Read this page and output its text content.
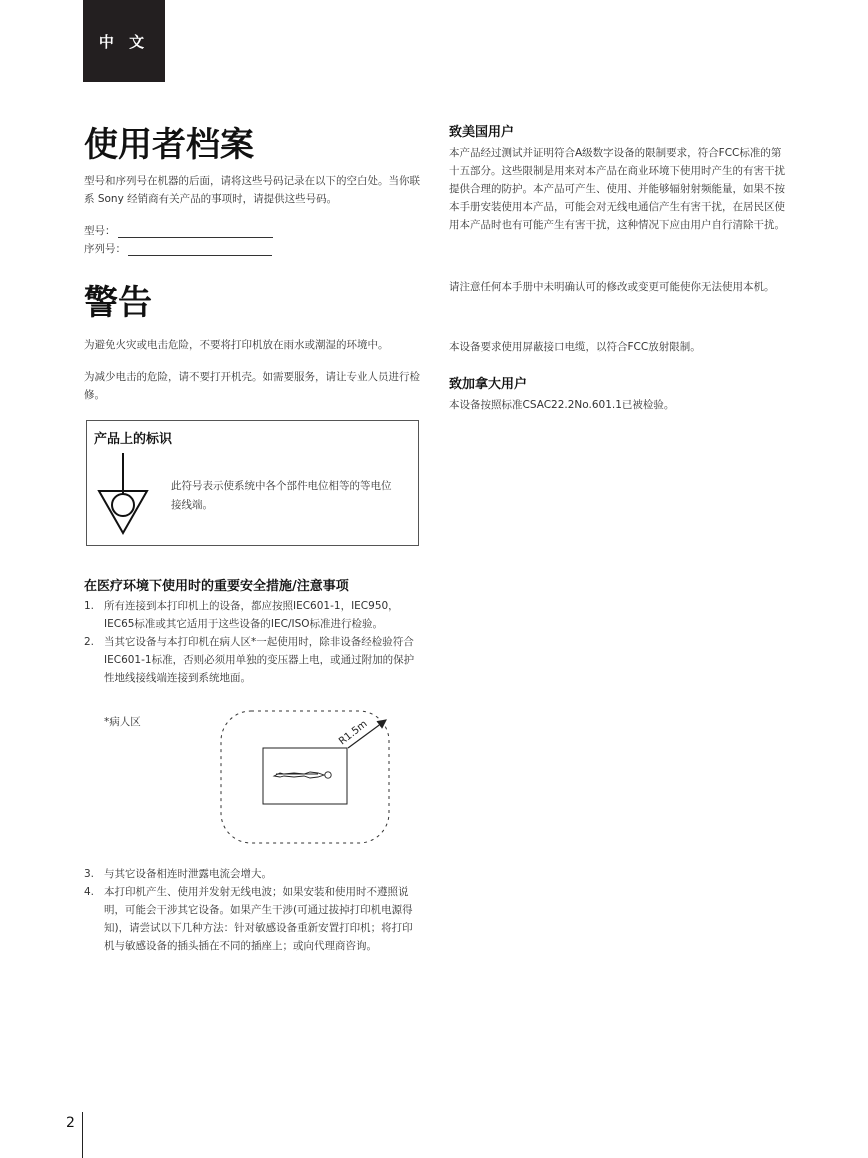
中 文
使用者档案

型号和序列号在机器的后面，请将这些号码记录在以下的空白处。当你联系 Sony 经销商有关产品的事项时，请提供这些号码。

型号：
序列号：
警告

为避免火灾或电击危险，不要将打印机放在雨水或潮湿的环境中。

为减少电击的危险，请不要打开机壳。如需要服务，请让专业人员进行检修。

产品上的标识
此符号表示使系统中各个部件电位相等的等电位接线端。
在医疗环境下使用时的重要安全措施/注意事项
1. 所有连接到本打印机上的设备，都应按照IEC601-1，IEC950，IEC65标准或其它适用于这些设备的IEC/ISO标准进行检验。
2. 当其它设备与本打印机在病人区*一起使用时，除非设备经检验符合IEC601-1标准，否则必须用单独的变压器上电，或通过附加的保护性地线接线端连接到系统地面。
*病人区	R1.5m
3. 与其它设备相连时泄露电流会增大。
4. 本打印机产生、使用并发射无线电波；如果安装和使用时不遵照说明，可能会干涉其它设备。如果产生干涉(可通过拔掉打印机电源得知)，请尝试以下几种方法：针对敏感设备重新安置打印机；将打印机与敏感设备的插头插在不同的插座上；或向代理商咨询。
致美国用户

本产品经过测试并证明符合A级数字设备的限制要求，符合FCC标准的第十五部分。这些限制是用来对本产品在商业环境下使用时产生的有害干扰提供合理的防护。本产品可产生、使用、并能够辐射射频能量，如果不按本手册安装使用本产品，可能会对无线电通信产生有害干扰，在居民区使用本产品时也有可能产生有害干扰，这种情况下应由用户自行清除干扰。

请注意任何本手册中未明确认可的修改或变更可能使你无法使用本机。

本设备要求使用屏蔽接口电缆，以符合FCC放射限制。

致加拿大用户

本设备按照标准CSAC22.2No.601.1已被检验。

2
